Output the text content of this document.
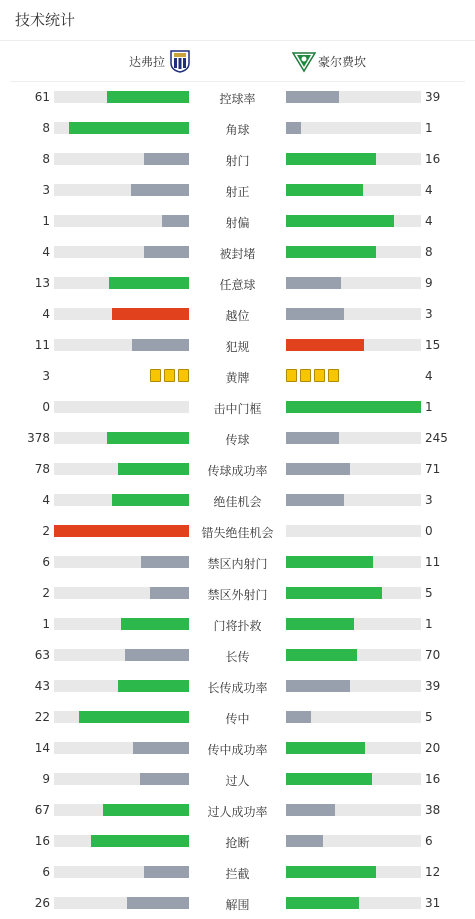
技术统计
达弗拉	豪尔费坎
61	控球率	39
8	角球	1
8	射门	16
3	射正	4
1	射偏	4
4	被封堵	8
13	任意球	9
4	越位	3
11	犯规	15
3	黄牌	4
0	击中门框	1
378	传球	245
78	传球成功率	71
4	绝佳机会	3
2	错失绝佳机会	0
6	禁区内射门	11
2	禁区外射门	5
1	门将扑救	1
63	长传	70
43	长传成功率	39
22	传中	5
14	传中成功率	20
9	过人	16
67	过人成功率	38
16	抢断	6
6	拦截	12
26	解围	31
